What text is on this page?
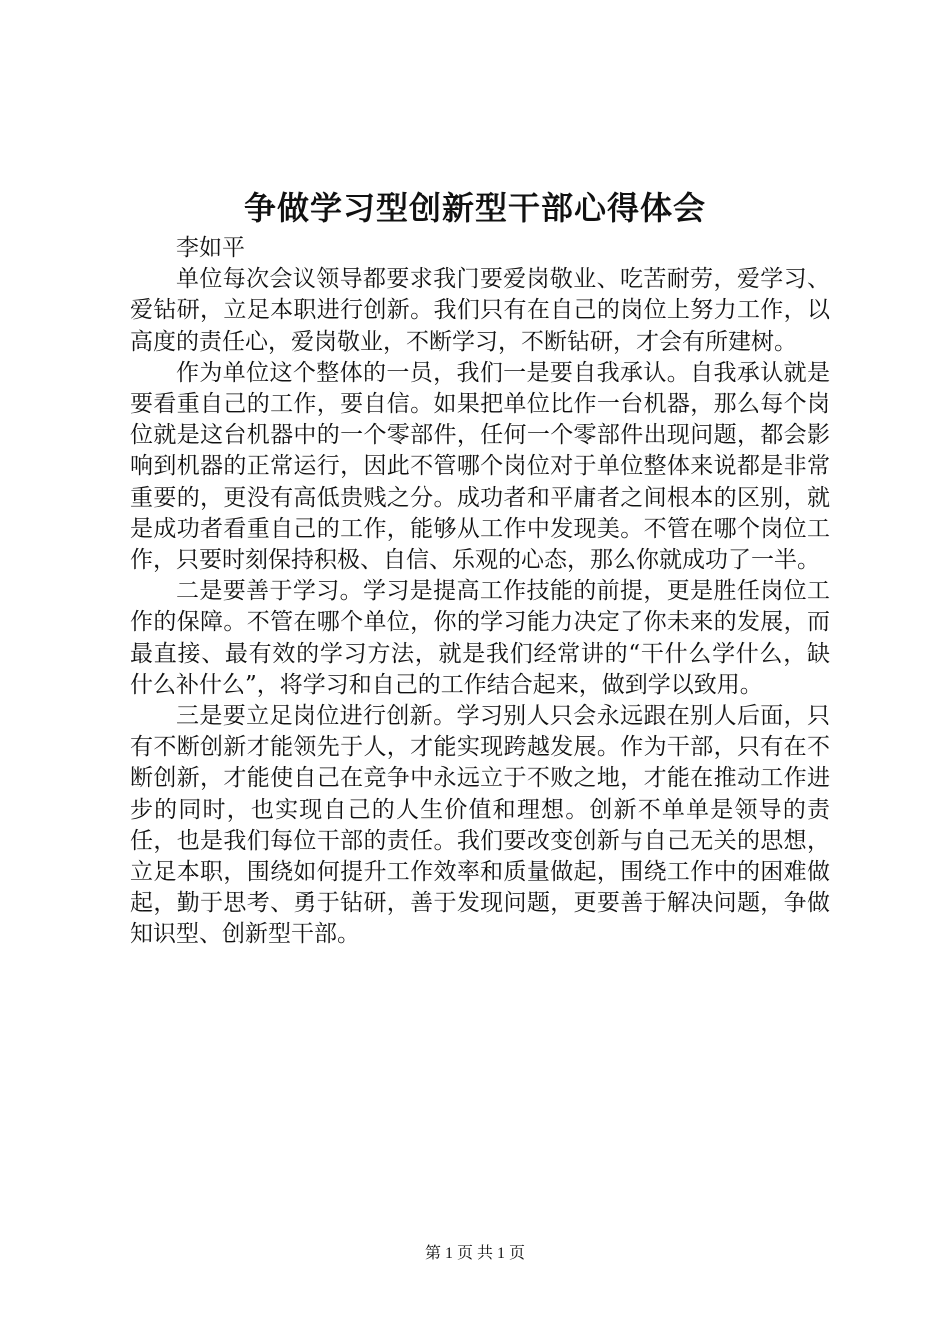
争做学习型创新型干部心得体会

李如平

单位每次会议领导都要求我门要爱岗敬业、吃苦耐劳，爱学习、爱钻研，立足本职进行创新。我们只有在自己的岗位上努力工作，以高度的责任心，爱岗敬业，不断学习，不断钻研，才会有所建树。

作为单位这个整体的一员，我们一是要自我承认。自我承认就是要看重自己的工作，要自信。如果把单位比作一台机器，那么每个岗位就是这台机器中的一个零部件，任何一个零部件出现问题，都会影响到机器的正常运行，因此不管哪个岗位对于单位整体来说都是非常重要的，更没有高低贵贱之分。成功者和平庸者之间根本的区别，就是成功者看重自己的工作，能够从工作中发现美。不管在哪个岗位工作，只要时刻保持积极、自信、乐观的心态，那么你就成功了一半。

二是要善于学习。学习是提高工作技能的前提，更是胜任岗位工作的保障。不管在哪个单位，你的学习能力决定了你未来的发展，而最直接、最有效的学习方法，就是我们经常讲的“干什么学什么，缺什么补什么”，将学习和自己的工作结合起来，做到学以致用。

三是要立足岗位进行创新。学习别人只会永远跟在别人后面，只有不断创新才能领先于人，才能实现跨越发展。作为干部，只有在不断创新，才能使自己在竞争中永远立于不败之地，才能在推动工作进步的同时，也实现自己的人生价值和理想。创新不单单是领导的责任，也是我们每位干部的责任。我们要改变创新与自己无关的思想，立足本职，围绕如何提升工作效率和质量做起，围绕工作中的困难做起，勤于思考、勇于钻研，善于发现问题，更要善于解决问题，争做知识型、创新型干部。

第 1 页 共 1 页
